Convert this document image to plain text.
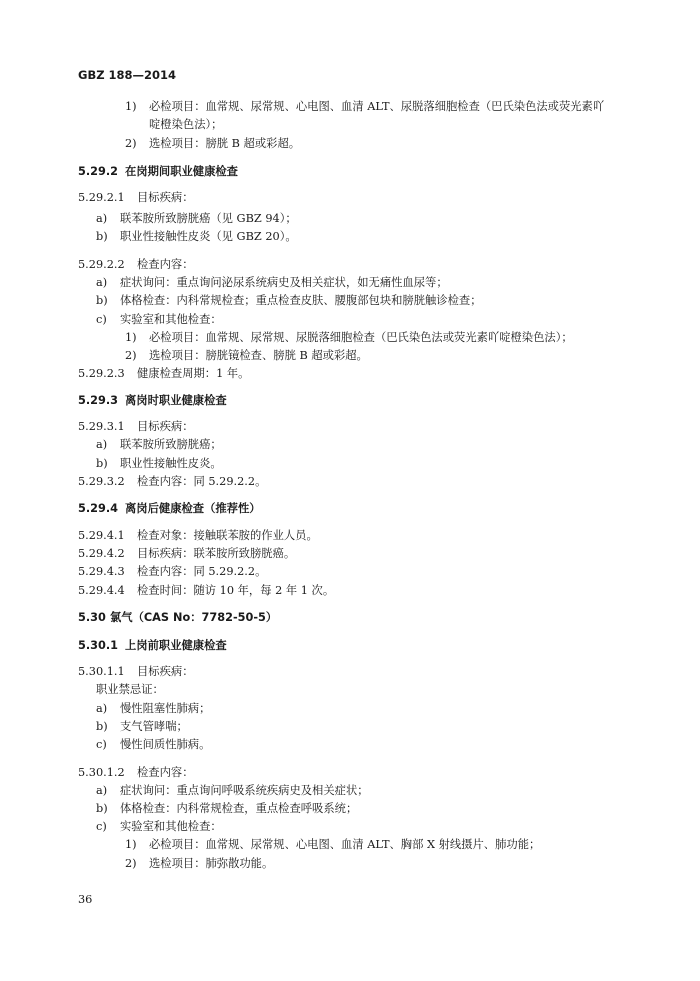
GBZ 188—2014
1) 必检项目：血常规、尿常规、心电图、血清 ALT、尿脱落细胞检查（巴氏染色法或荧光素吖
啶橙染色法）；
2) 选检项目：膀胱 B 超或彩超。
5.29.2 在岗期间职业健康检查
5.29.2.1 目标疾病：
a) 联苯胺所致膀胱癌（见 GBZ 94）；
b) 职业性接触性皮炎（见 GBZ 20）。
5.29.2.2 检查内容：
a) 症状询问：重点询问泌尿系统病史及相关症状，如无痛性血尿等；
b) 体格检查：内科常规检查；重点检查皮肤、腰腹部包块和膀胱触诊检查；
c) 实验室和其他检查：
1) 必检项目：血常规、尿常规、尿脱落细胞检查（巴氏染色法或荧光素吖啶橙染色法）；
2) 选检项目：膀胱镜检查、膀胱 B 超或彩超。
5.29.2.3 健康检查周期：1 年。
5.29.3 离岗时职业健康检查
5.29.3.1 目标疾病：
a) 联苯胺所致膀胱癌；
b) 职业性接触性皮炎。
5.29.3.2 检查内容：同 5.29.2.2。
5.29.4 离岗后健康检查（推荐性）
5.29.4.1 检查对象：接触联苯胺的作业人员。
5.29.4.2 目标疾病：联苯胺所致膀胱癌。
5.29.4.3 检查内容：同 5.29.2.2。
5.29.4.4 检查时间：随访 10 年，每 2 年 1 次。
5.30 氯气（CAS No：7782-50-5）
5.30.1 上岗前职业健康检查
5.30.1.1 目标疾病：
职业禁忌证：
a) 慢性阻塞性肺病；
b) 支气管哮喘；
c) 慢性间质性肺病。
5.30.1.2 检查内容：
a) 症状询问：重点询问呼吸系统疾病史及相关症状；
b) 体格检查：内科常规检查，重点检查呼吸系统；
c) 实验室和其他检查：
1) 必检项目：血常规、尿常规、心电图、血清 ALT、胸部 X 射线摄片、肺功能；
2) 选检项目：肺弥散功能。
36
